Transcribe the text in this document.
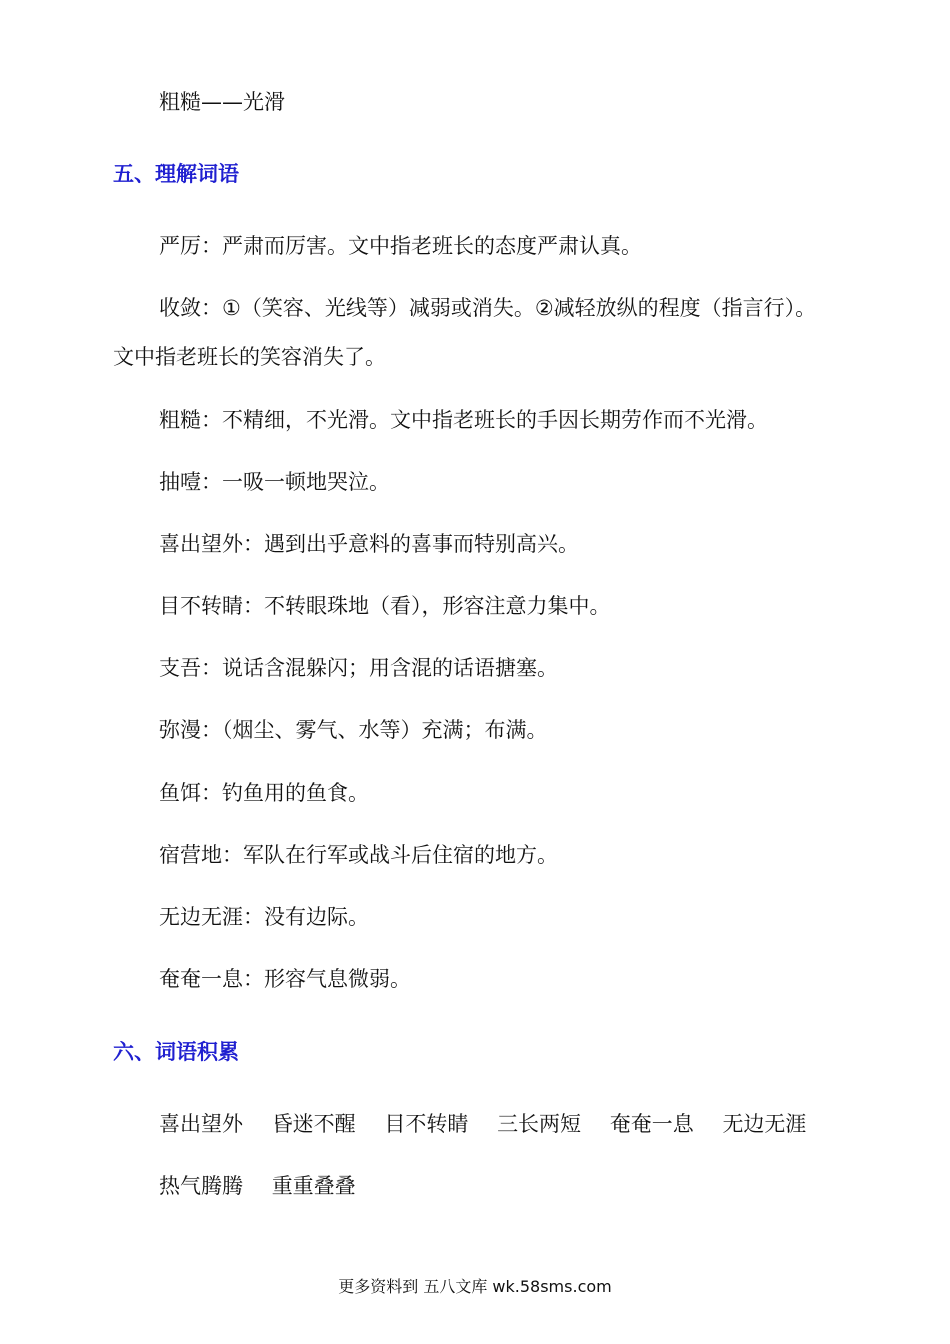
粗糙——光滑
五、理解词语
严厉：严肃而厉害。文中指老班长的态度严肃认真。
收敛：①（笑容、光线等）减弱或消失。②减轻放纵的程度（指言行）。
文中指老班长的笑容消失了。
粗糙：不精细，不光滑。文中指老班长的手因长期劳作而不光滑。
抽噎：一吸一顿地哭泣。
喜出望外：遇到出乎意料的喜事而特别高兴。
目不转睛：不转眼珠地（看），形容注意力集中。
支吾：说话含混躲闪；用含混的话语搪塞。
弥漫：（烟尘、雾气、水等）充满；布满。
鱼饵：钓鱼用的鱼食。
宿营地：军队在行军或战斗后住宿的地方。
无边无涯：没有边际。
奄奄一息：形容气息微弱。
六、词语积累
喜出望外 昏迷不醒 目不转睛 三长两短 奄奄一息 无边无涯
热气腾腾 重重叠叠
更多资料到 五八文库 wk.58sms.com
